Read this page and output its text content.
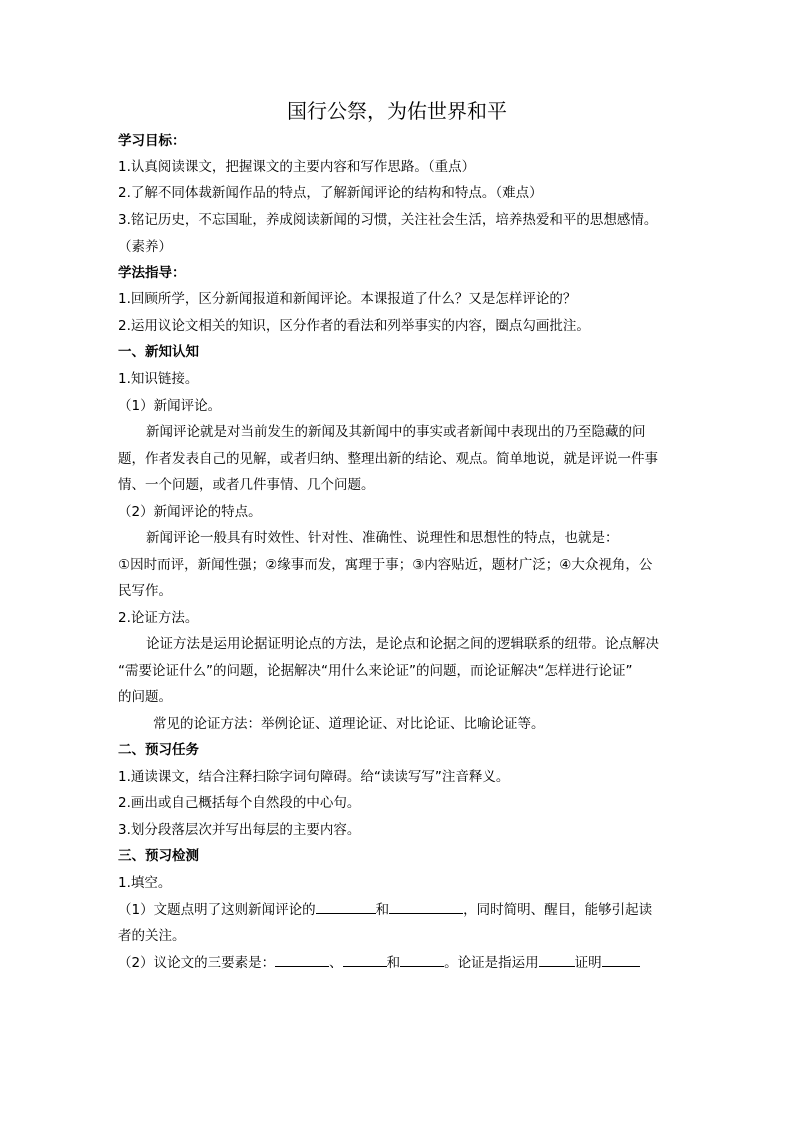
国行公祭，为佑世界和平
学习目标：
1.认真阅读课文，把握课文的主要内容和写作思路。（重点）
2.了解不同体裁新闻作品的特点，了解新闻评论的结构和特点。（难点）
3.铭记历史，不忘国耻，养成阅读新闻的习惯，关注社会生活，培养热爱和平的思想感情。
（素养）
学法指导：
1.回顾所学，区分新闻报道和新闻评论。本课报道了什么？又是怎样评论的？
2.运用议论文相关的知识，区分作者的看法和列举事实的内容，圈点勾画批注。
一、新知认知
1.知识链接。
（1）新闻评论。
新闻评论就是对当前发生的新闻及其新闻中的事实或者新闻中表现出的乃至隐藏的问
题，作者发表自己的见解，或者归纳、整理出新的结论、观点。简单地说，就是评说一件事
情、一个问题，或者几件事情、几个问题。
（2）新闻评论的特点。
新闻评论一般具有时效性、针对性、准确性、说理性和思想性的特点，也就是：
①因时而评，新闻性强；②缘事而发，寓理于事；③内容贴近，题材广泛；④大众视角，公
民写作。
2.论证方法。
论证方法是运用论据证明论点的方法，是论点和论据之间的逻辑联系的纽带。论点解决
“需要论证什么”的问题，论据解决“用什么来论证”的问题，而论证解决“怎样进行论证”
的问题。
常见的论证方法：举例论证、道理论证、对比论证、比喻论证等。
二、预习任务
1.通读课文，结合注释扫除字词句障碍。给“读读写写”注音释义。
2.画出或自己概括每个自然段的中心句。
3.划分段落层次并写出每层的主要内容。
三、预习检测
1.填空。
（1）文题点明了这则新闻评论的	和	，同时简明、醒目，能够引起读
者的关注。
（2）议论文的三要素是：	、	和	。论证是指运用	证明
